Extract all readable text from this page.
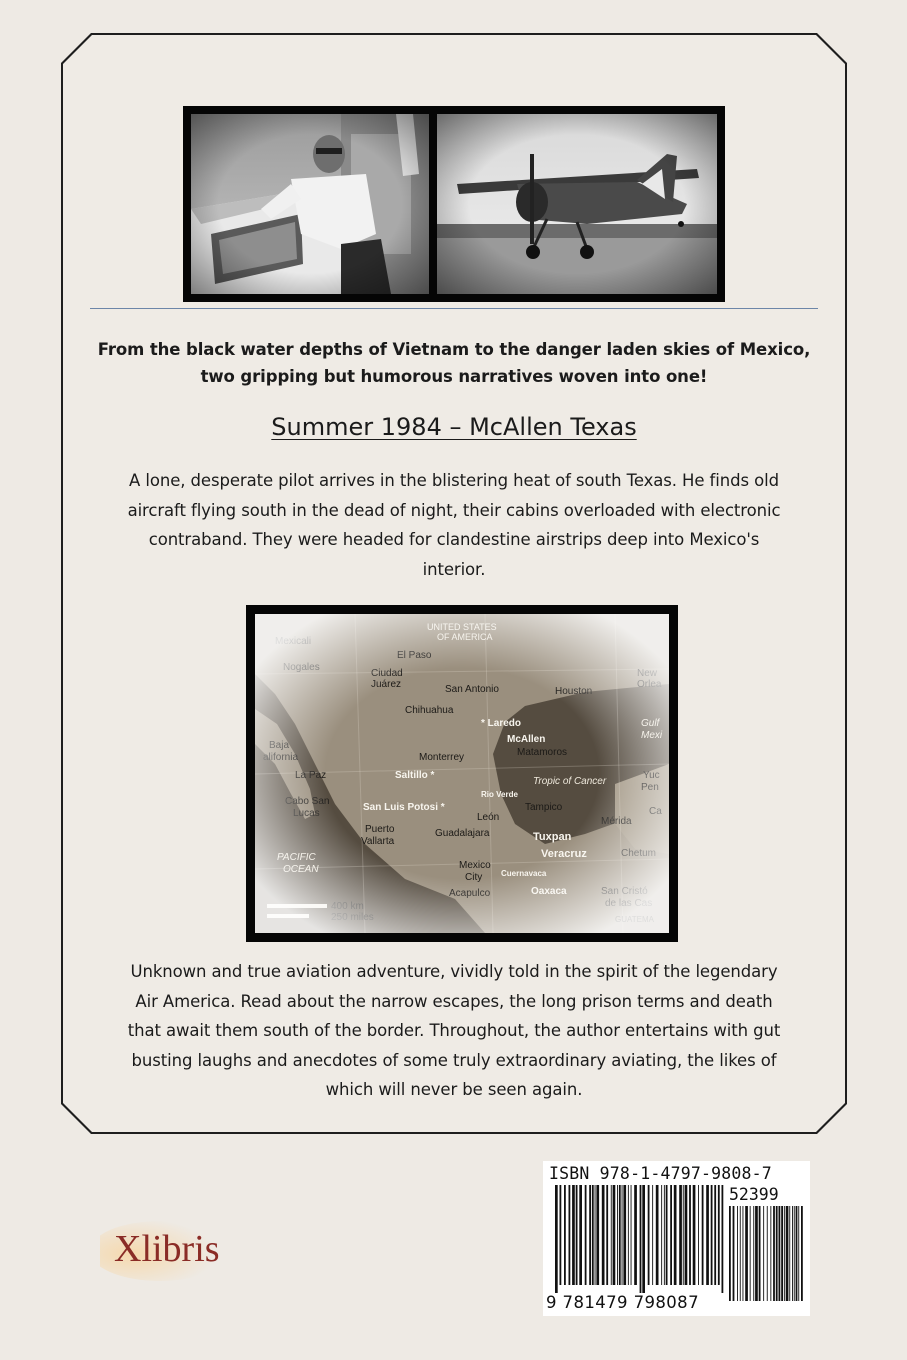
From the black water depths of Vietnam to the danger laden skies of Mexico,
two gripping but humorous narratives woven into one!
Summer 1984 – McAllen Texas
A lone, desperate pilot arrives in the blistering heat of south Texas. He finds old
aircraft flying south in the dead of night, their cabins overloaded with electronic
contraband. They were headed for clandestine airstrips deep into Mexico's
interior.
Unknown and true aviation adventure, vividly told in the spirit of the legendary
Air America. Read about the narrow escapes, the long prison terms and death
that await them south of the border. Throughout, the author entertains with gut
busting laughs and anecdotes of some truly extraordinary aviating, the likes of
which will never be seen again.
Xlibris
ISBN 978-1-4797-9808-7
52399
9 781479 798087
